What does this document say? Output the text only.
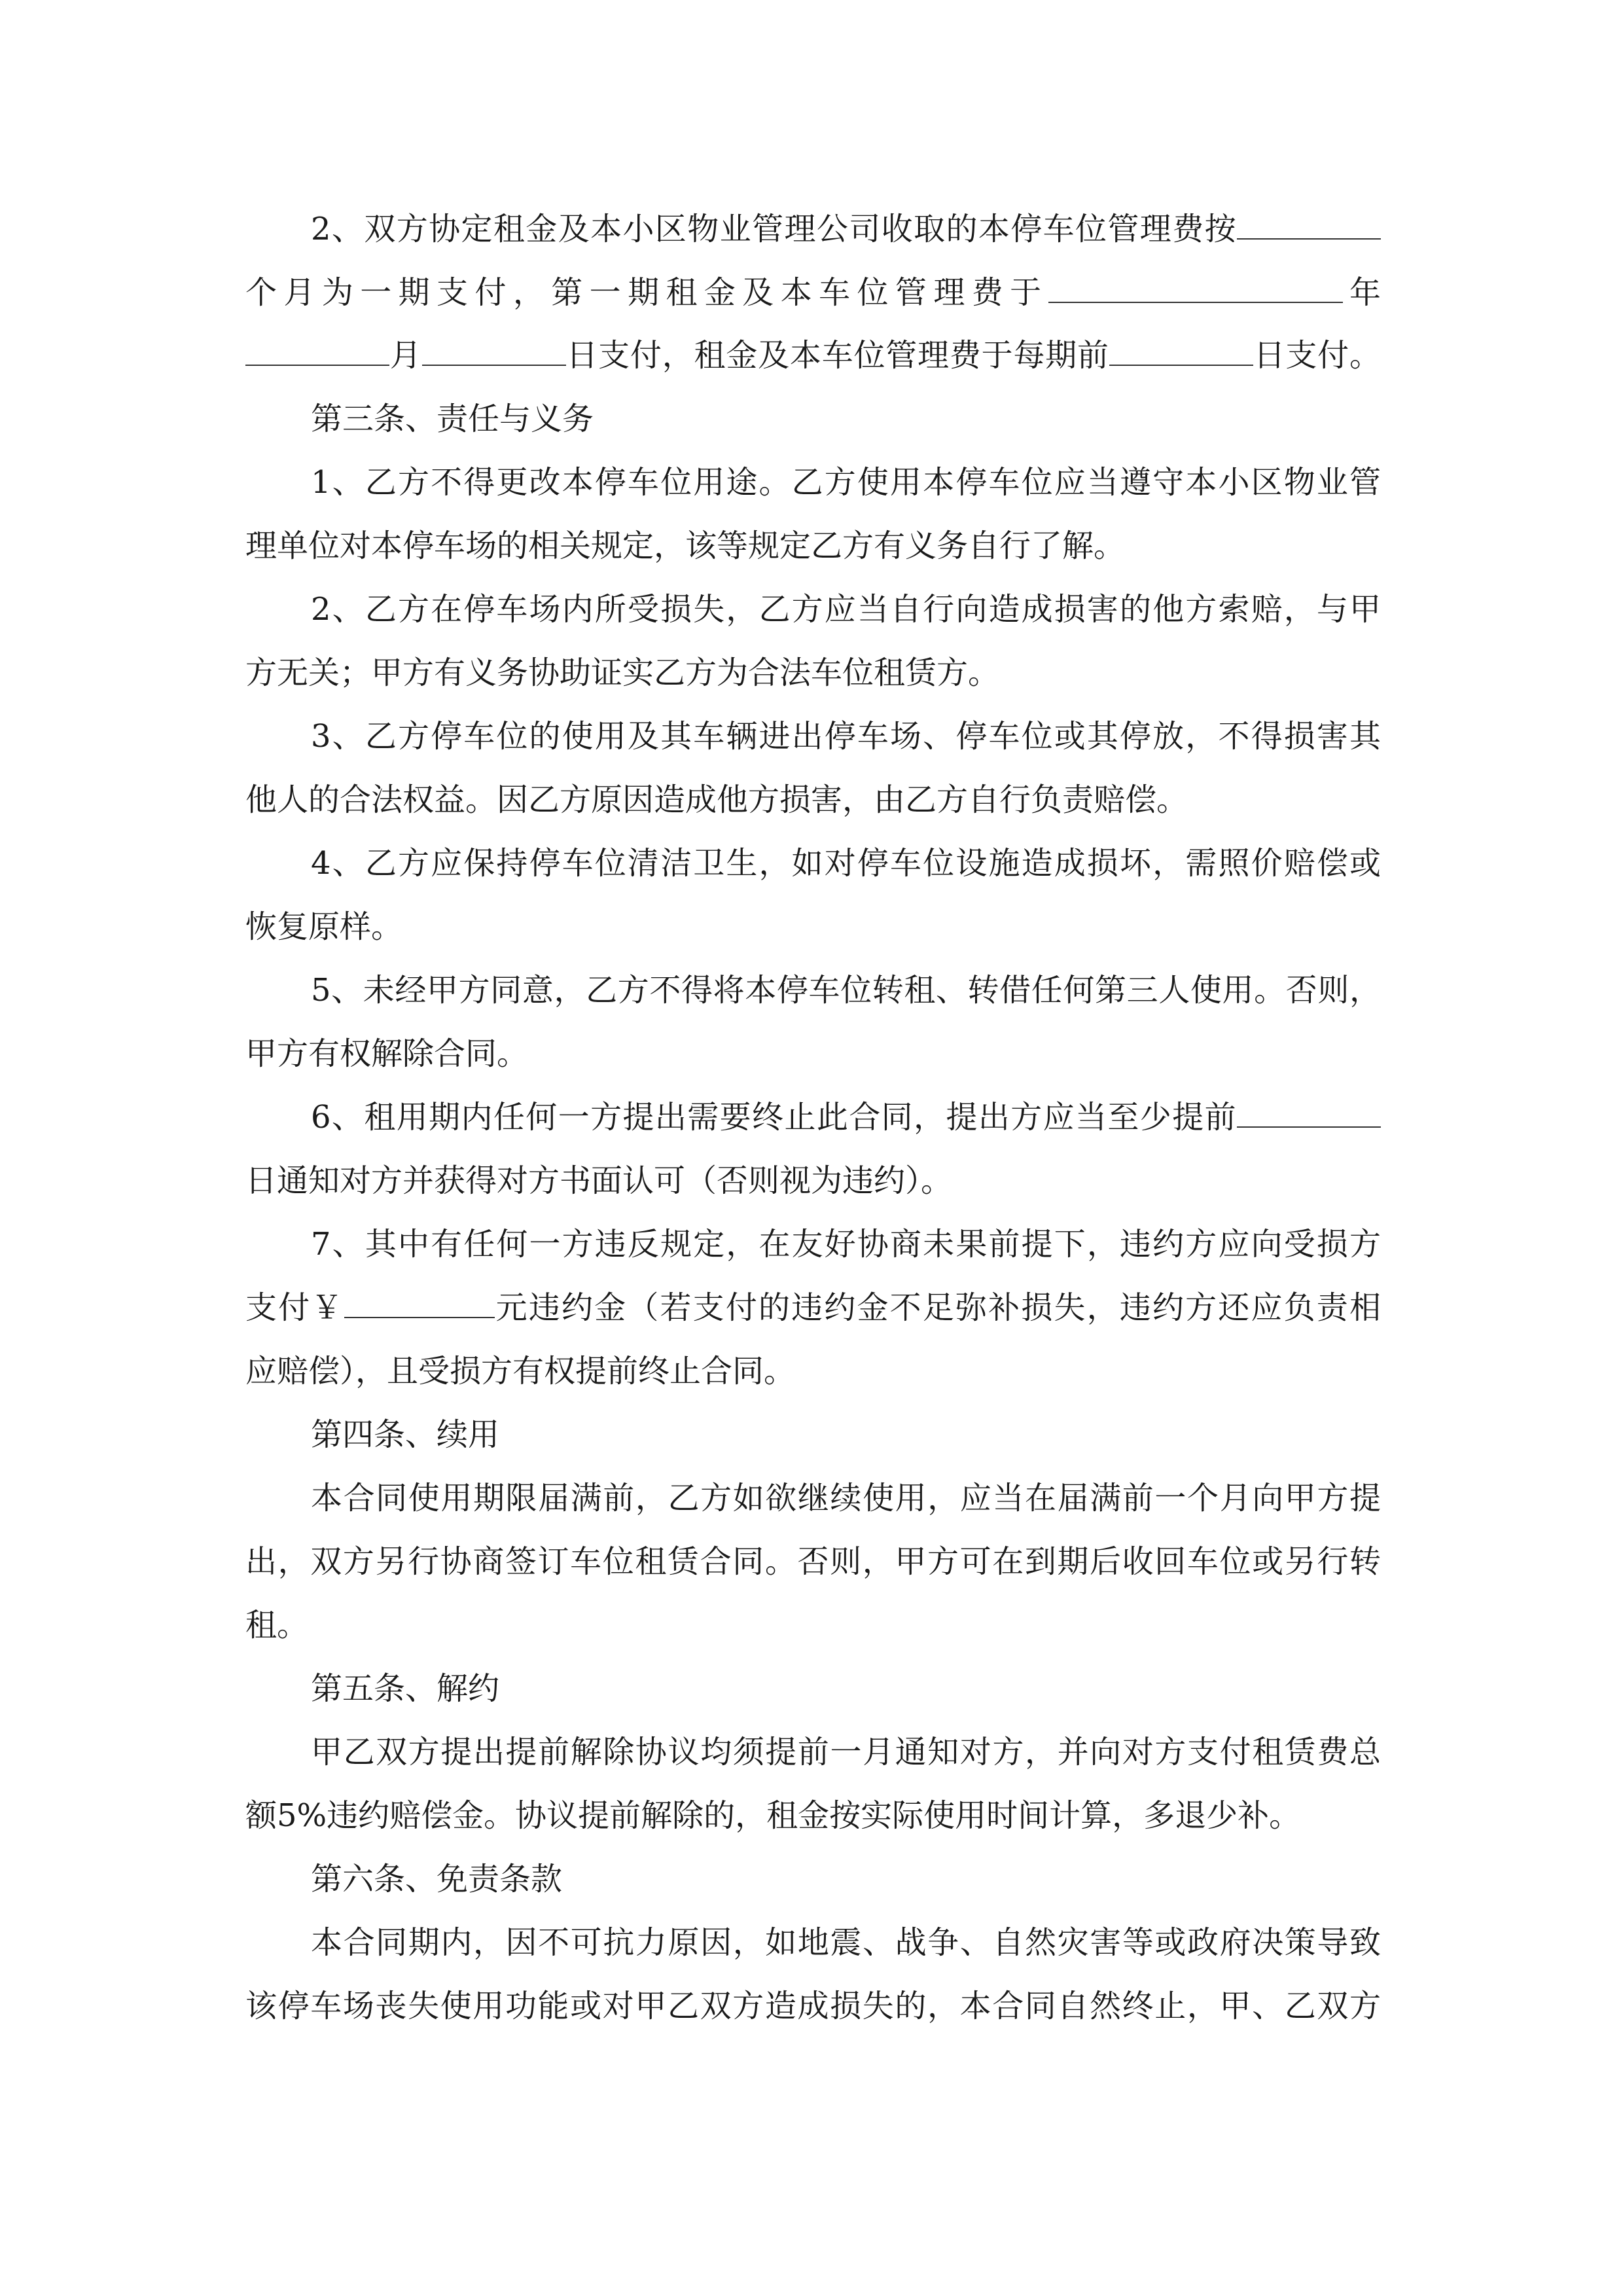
2、双方协定租金及本小区物业管理公司收取的本停车位管理费按
个月为一期支付，第一期租金及本车位管理费于	年
月	日支付，租金及本车位管理费于每期前	日支付。
第三条、责任与义务
1、乙方不得更改本停车位用途。乙方使用本停车位应当遵守本小区物业管
理单位对本停车场的相关规定，该等规定乙方有义务自行了解。
2、乙方在停车场内所受损失，乙方应当自行向造成损害的他方索赔，与甲
方无关；甲方有义务协助证实乙方为合法车位租赁方。
3、乙方停车位的使用及其车辆进出停车场、停车位或其停放，不得损害其
他人的合法权益。因乙方原因造成他方损害，由乙方自行负责赔偿。
4、乙方应保持停车位清洁卫生，如对停车位设施造成损坏，需照价赔偿或
恢复原样。
5、未经甲方同意，乙方不得将本停车位转租、转借任何第三人使用。否则，
甲方有权解除合同。
6、租用期内任何一方提出需要终止此合同，提出方应当至少提前
日通知对方并获得对方书面认可（否则视为违约）。
7、其中有任何一方违反规定，在友好协商未果前提下，违约方应向受损方
支付￥	元违约金（若支付的违约金不足弥补损失，违约方还应负责相
应赔偿），且受损方有权提前终止合同。
第四条、续用
本合同使用期限届满前，乙方如欲继续使用，应当在届满前一个月向甲方提
出，双方另行协商签订车位租赁合同。否则，甲方可在到期后收回车位或另行转
租。
第五条、解约
甲乙双方提出提前解除协议均须提前一月通知对方，并向对方支付租赁费总
额5%违约赔偿金。协议提前解除的，租金按实际使用时间计算，多退少补。
第六条、免责条款
本合同期内，因不可抗力原因，如地震、战争、自然灾害等或政府决策导致
该停车场丧失使用功能或对甲乙双方造成损失的，本合同自然终止，甲、乙双方
